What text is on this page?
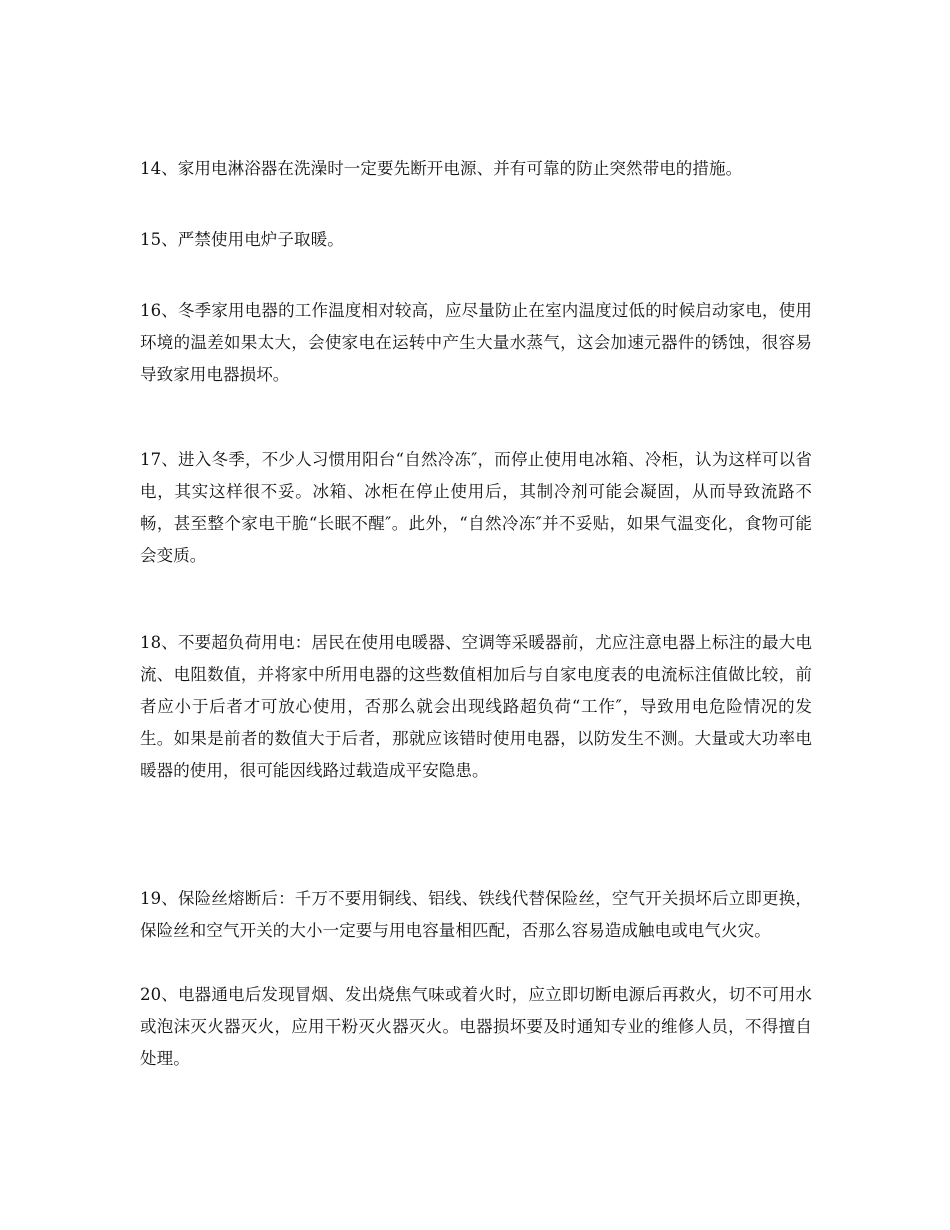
14、家用电淋浴器在洗澡时一定要先断开电源、并有可靠的防止突然带电的措施。

15、严禁使用电炉子取暖。

16、冬季家用电器的工作温度相对较高，应尽量防止在室内温度过低的时候启动家电，使用环境的温差如果太大，会使家电在运转中产生大量水蒸气，这会加速元器件的锈蚀，很容易导致家用电器损坏。

17、进入冬季，不少人习惯用阳台“自然冷冻″，而停止使用电冰箱、冷柜，认为这样可以省电，其实这样很不妥。冰箱、冰柜在停止使用后，其制冷剂可能会凝固，从而导致流路不畅，甚至整个家电干脆“长眠不醒″。此外，“自然冷冻″并不妥贴，如果气温变化，食物可能会变质。

18、不要超负荷用电：居民在使用电暖器、空调等采暖器前，尤应注意电器上标注的最大电流、电阻数值，并将家中所用电器的这些数值相加后与自家电度表的电流标注值做比较，前者应小于后者才可放心使用，否那么就会出现线路超负荷“工作″，导致用电危险情况的发生。如果是前者的数值大于后者，那就应该错时使用电器，以防发生不测。大量或大功率电暖器的使用，很可能因线路过载造成平安隐患。

19、保险丝熔断后：千万不要用铜线、铝线、铁线代替保险丝，空气开关损坏后立即更换，保险丝和空气开关的大小一定要与用电容量相匹配，否那么容易造成触电或电气火灾。

20、电器通电后发现冒烟、发出烧焦气味或着火时，应立即切断电源后再救火，切不可用水或泡沫灭火器灭火，应用干粉灭火器灭火。电器损坏要及时通知专业的维修人员，不得擅自处理。
